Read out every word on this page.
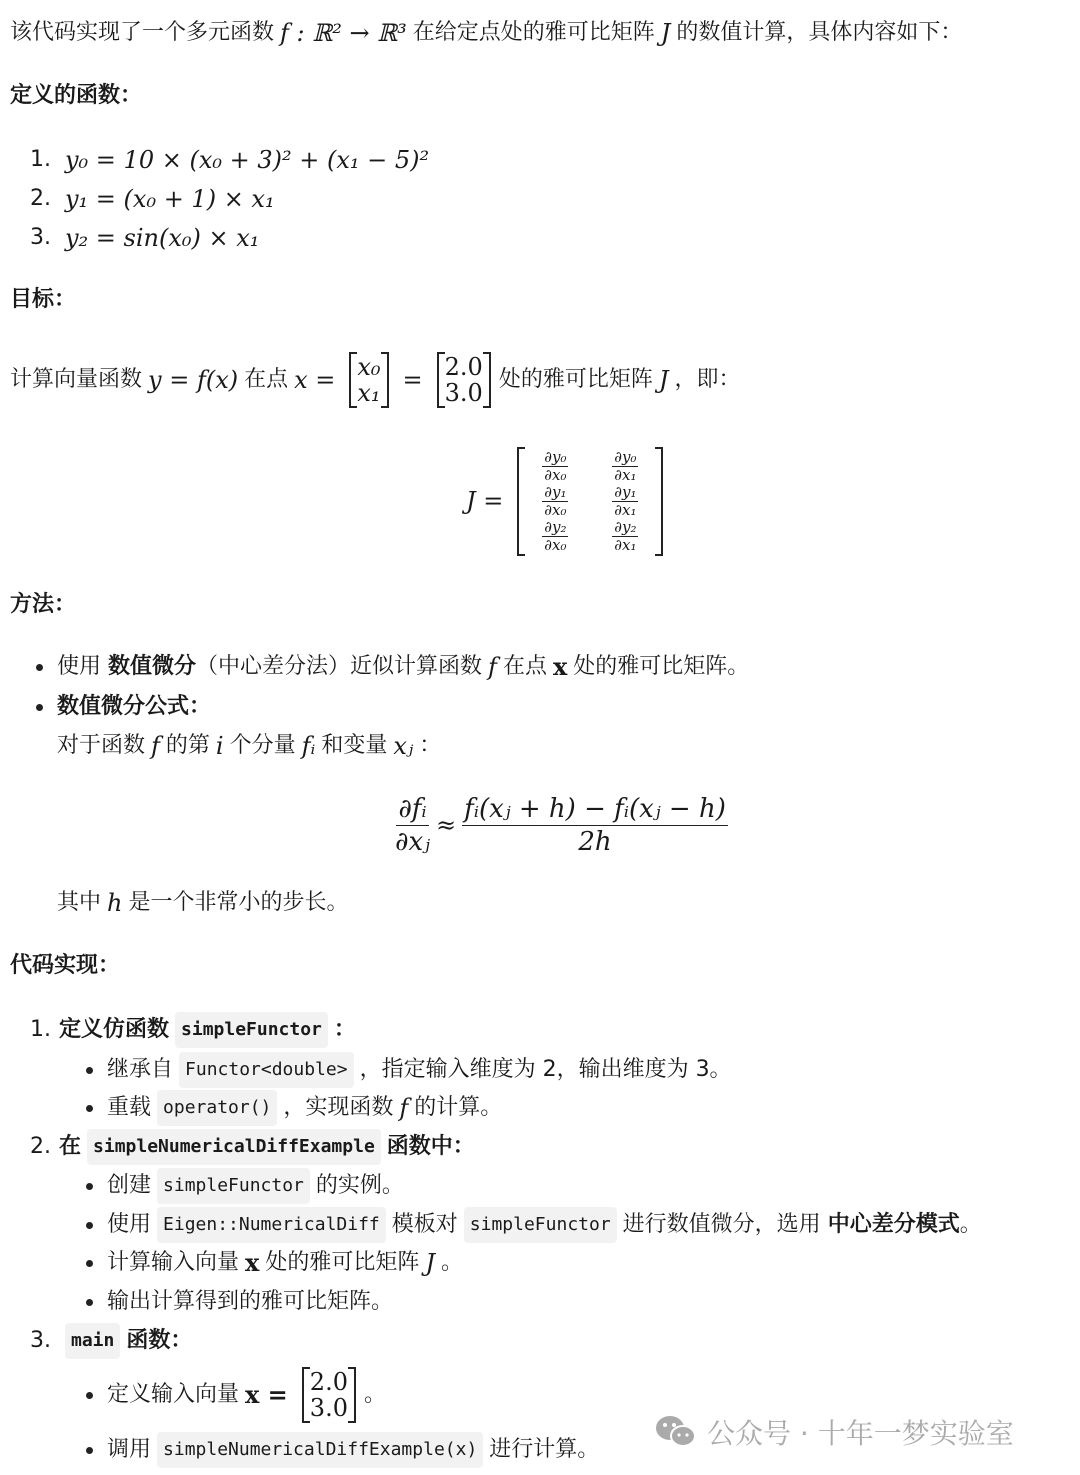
该代码实现了一个多元函数 f : ℝ² → ℝ³ 在给定点处的雅可比矩阵 J 的数值计算，具体内容如下：
定义的函数：
1. y₀ = 10 × (x₀ + 3)² + (x₁ − 5)²
2. y₁ = (x₀ + 1) × x₁
3. y₂ = sin(x₀) × x₁
目标：
计算向量函数 y = f(x) 在点 x = x₀
x₁ = 2.0
3.0 处的雅可比矩阵 J ，即：
J =
$\frac{\text{∂y₀}}{\text{∂x₀}} \frac{\text{∂y₀}}{\text{∂x₁}}$
$\frac{\text{∂y₁}}{\text{∂x₀}} \frac{\text{∂y₁}}{\text{∂x₁}}$
$\frac{\text{∂y₂}}{\text{∂x₀}} \frac{\text{∂y₂}}{\text{∂x₁}}$
方法：
使用
数值微分 （中心差分法）近似计算函数 f 在点 x 处的雅可比矩阵。
数值微分公式：
对于函数 f 的第 i 个分量 fᵢ 和变量 xⱼ ：
$\frac{\text{∂fᵢ}}{\text{∂xⱼ}} \approx \frac{\text{fᵢ(xⱼ + h) − fᵢ(xⱼ − h)}}{2h}$
其中 h 是一个非常小的步长。
代码实现：
1. 定义仿函数 simpleFunctor ：
继承自 Functor<double> ，指定输入维度为 2，输出维度为 3。
重载 operator() ，实现函数 f 的计算。
2. 在 simpleNumericalDiffExample 函数中：
创建 simpleFunctor 的实例。
使用 Eigen::NumericalDiff 模板对 simpleFunctor 进行数值微分，选用
中心差分模式 。
计算输入向量 x 处的雅可比矩阵 J 。
输出计算得到的雅可比矩阵。
3.	main 函数：
定义输入向量 x = 2.0
3.0 。
调用 simpleNumericalDiffExample(x) 进行计算。	公众号 · 十年一梦实验室
